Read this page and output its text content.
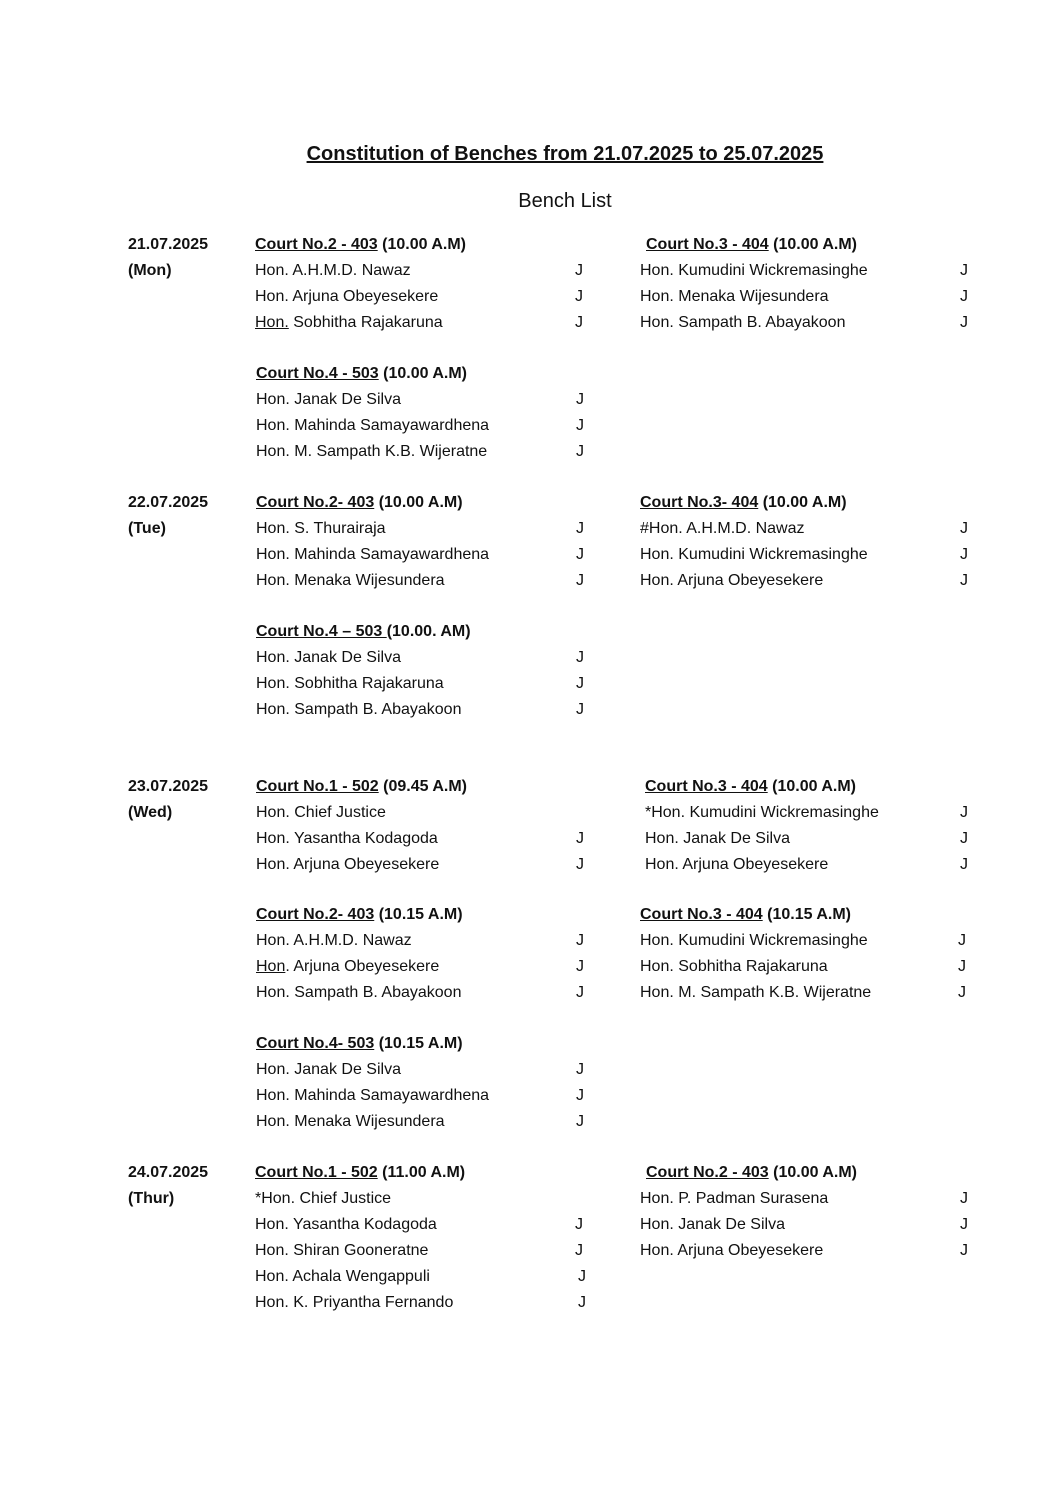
Constitution of Benches from 21.07.2025 to 25.07.2025
Bench List
21.07.2025
(Mon)
Court No.2 - 403 (10.00 A.M)
Hon. A.H.M.D. Nawaz	J
Hon. Arjuna Obeyesekere	J
Hon. Sobhitha Rajakaruna	J
Court No.3 - 404 (10.00 A.M)
Hon. Kumudini Wickremasinghe	J
Hon. Menaka Wijesundera	J
Hon. Sampath B. Abayakoon	J
Court No.4 - 503 (10.00 A.M)
Hon. Janak De Silva	J
Hon. Mahinda Samayawardhena	J
Hon. M. Sampath K.B. Wijeratne	J
22.07.2025
(Tue)
Court No.2- 403 (10.00 A.M)
Hon. S. Thurairaja	J
Hon. Mahinda Samayawardhena	J
Hon. Menaka Wijesundera	J
Court No.3- 404 (10.00 A.M)
#Hon. A.H.M.D. Nawaz	J
Hon. Kumudini Wickremasinghe	J
Hon. Arjuna Obeyesekere	J
Court No.4 – 503 (10.00. AM)
Hon. Janak De Silva	J
Hon. Sobhitha Rajakaruna	J
Hon. Sampath B. Abayakoon	J
23.07.2025
(Wed)
Court No.1 - 502 (09.45 A.M)
Hon. Chief Justice
Hon. Yasantha Kodagoda	J
Hon. Arjuna Obeyesekere	J
Court No.3 - 404 (10.00 A.M)
*Hon. Kumudini Wickremasinghe	J
Hon. Janak De Silva	J
Hon. Arjuna Obeyesekere	J
Court No.2- 403 (10.15 A.M)
Hon. A.H.M.D. Nawaz	J
Hon. Arjuna Obeyesekere	J
Hon. Sampath B. Abayakoon	J
Court No.3 - 404 (10.15 A.M)
Hon. Kumudini Wickremasinghe	J
Hon. Sobhitha Rajakaruna	J
Hon. M. Sampath K.B. Wijeratne	J
Court No.4- 503 (10.15 A.M)
Hon. Janak De Silva	J
Hon. Mahinda Samayawardhena	J
Hon. Menaka Wijesundera	J
24.07.2025
(Thur)
Court No.1 - 502 (11.00 A.M)
*Hon. Chief Justice
Hon. Yasantha Kodagoda	J
Hon. Shiran Gooneratne	J
Hon. Achala Wengappuli	J
Hon. K. Priyantha Fernando	J
Court No.2 - 403 (10.00 A.M)
Hon. P. Padman Surasena	J
Hon. Janak De Silva	J
Hon. Arjuna Obeyesekere	J
